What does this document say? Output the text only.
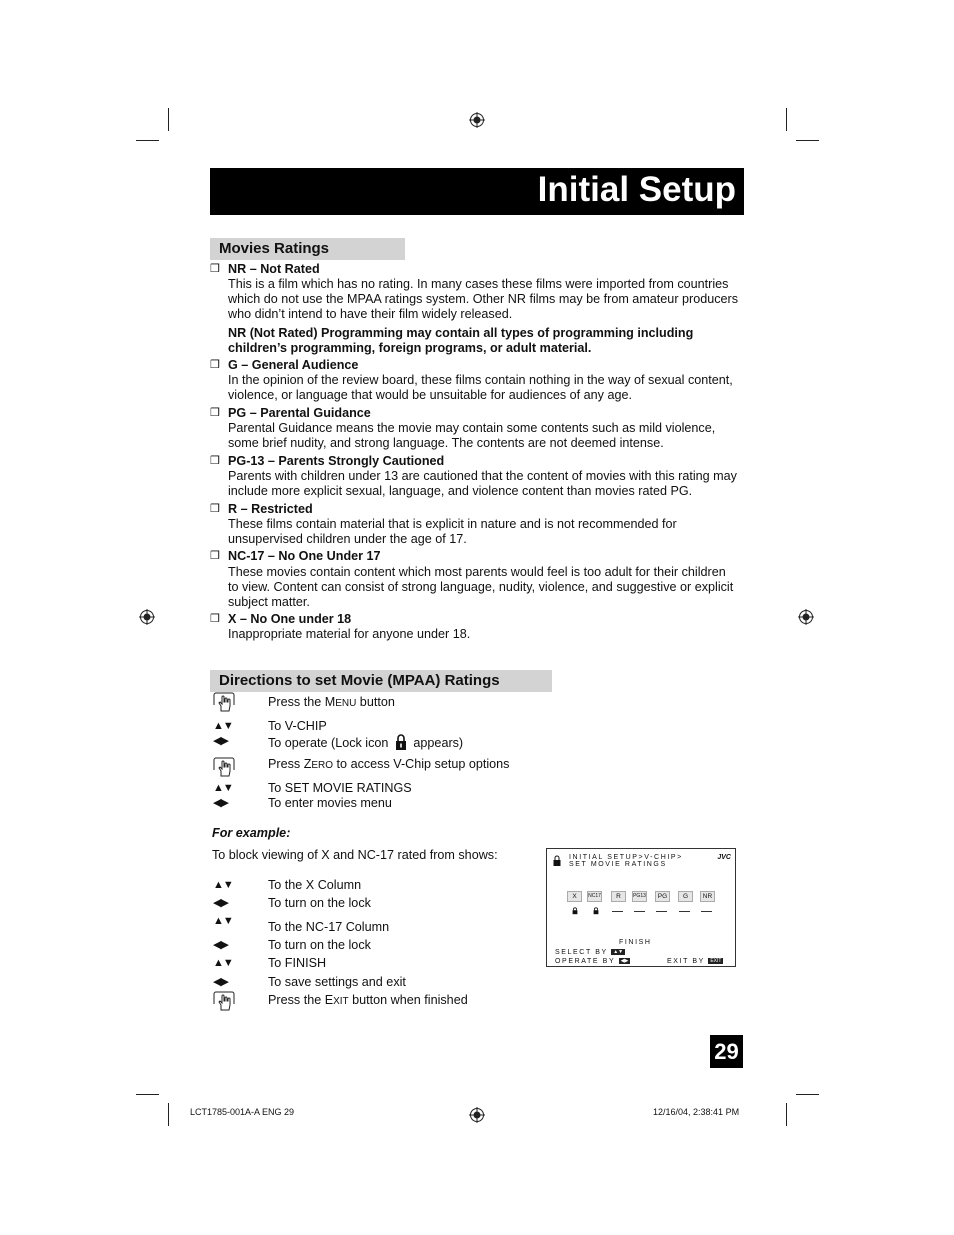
Initial Setup
Movies Ratings
❒ NR – Not Rated
This is a film which has no rating. In many cases these films were imported from countries
which do not use the MPAA ratings system. Other NR films may be from amateur producers
who didn’t intend to have their film widely released.
NR (Not Rated) Programming may contain all types of programming including
children’s programming, foreign programs, or adult material.
❒ G – General Audience
In the opinion of the review board, these films contain nothing in the way of sexual content,
violence, or language that would be unsuitable for audiences of any age.
❒ PG – Parental Guidance
Parental Guidance means the movie may contain some contents such as mild violence,
some brief nudity, and strong language. The contents are not deemed intense.
❒ PG-13 – Parents Strongly Cautioned
Parents with children under 13 are cautioned that the content of movies with this rating may
include more explicit sexual, language, and violence content than movies rated PG.
❒ R – Restricted
These films contain material that is explicit in nature and is not recommended for
unsupervised children under the age of 17.
❒ NC-17 – No One Under 17
These movies contain content which most parents would feel is too adult for their children
to view. Content can consist of strong language, nudity, violence, and suggestive or explicit
subject matter.
❒ X – No One under 18
Inappropriate material for anyone under 18.
Directions to set Movie (MPAA) Ratings
Press the MENU button
▲▼	To V-CHIP
◀▶	To operate (Lock icon appears)
Press ZERO to access V-Chip setup options
▲▼	To SET MOVIE RATINGS
◀▶	To enter movies menu
For example:
To block viewing of X and NC-17 rated from shows:
▲▼	To the X Column
◀▶	To turn on the lock
▲▼	To the NC-17 Column
◀▶	To turn on the lock
▲▼	To FINISH
◀▶	To save settings and exit
Press the EXIT button when finished
INITIAL SETUP>V-CHIP>
SET MOVIE RATINGS
JVC
X	NC17	R	PG13	PG	G	NR
FINISH
SELECT BY ▲▼
OPERATE BY ◀▶	EXIT BY EXIT
29
LCT1785-001A-A ENG 29	12/16/04, 2:38:41 PM
